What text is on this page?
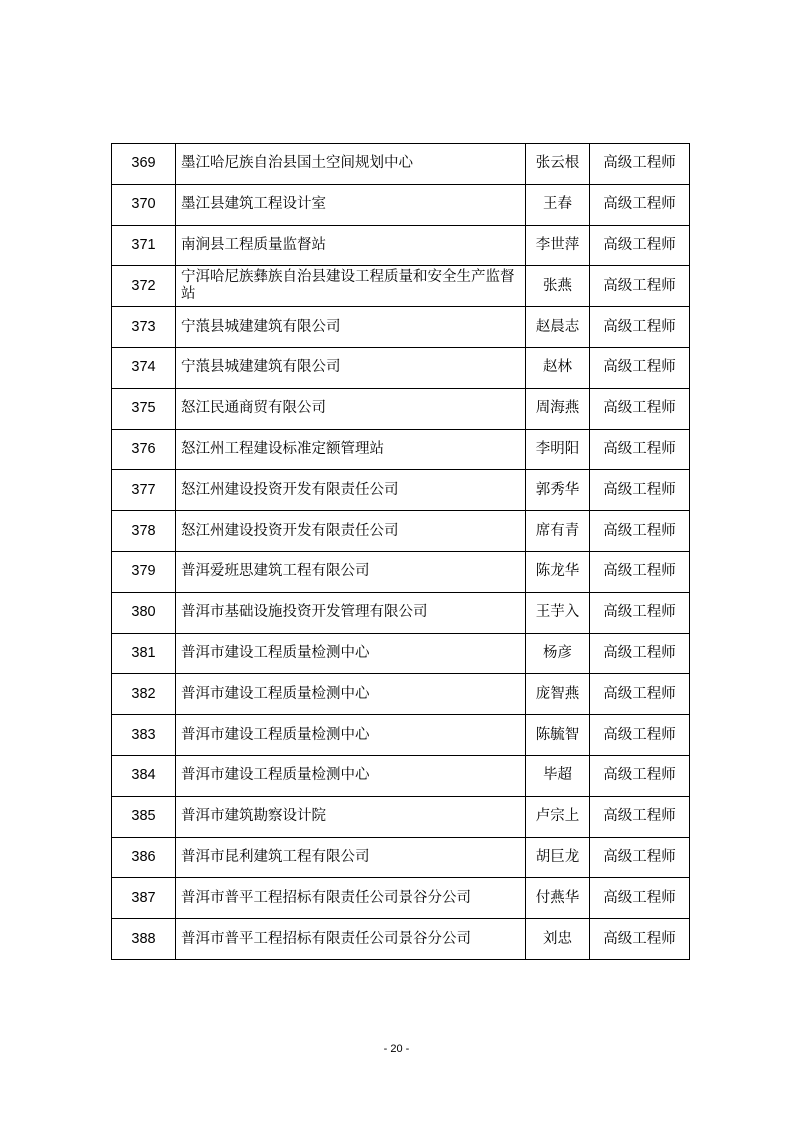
369	墨江哈尼族自治县国土空间规划中心	张云根	高级工程师
370	墨江县建筑工程设计室	王春	高级工程师
371	南涧县工程质量监督站	李世萍	高级工程师
372	宁洱哈尼族彝族自治县建设工程质量和安全生产监督站	张燕	高级工程师
373	宁蒗县城建建筑有限公司	赵晨志	高级工程师
374	宁蒗县城建建筑有限公司	赵林	高级工程师
375	怒江民通商贸有限公司	周海燕	高级工程师
376	怒江州工程建设标准定额管理站	李明阳	高级工程师
377	怒江州建设投资开发有限责任公司	郭秀华	高级工程师
378	怒江州建设投资开发有限责任公司	席有青	高级工程师
379	普洱爱班思建筑工程有限公司	陈龙华	高级工程师
380	普洱市基础设施投资开发管理有限公司	王芋入	高级工程师
381	普洱市建设工程质量检测中心	杨彦	高级工程师
382	普洱市建设工程质量检测中心	庞智燕	高级工程师
383	普洱市建设工程质量检测中心	陈毓智	高级工程师
384	普洱市建设工程质量检测中心	毕超	高级工程师
385	普洱市建筑勘察设计院	卢宗上	高级工程师
386	普洱市昆利建筑工程有限公司	胡巨龙	高级工程师
387	普洱市普平工程招标有限责任公司景谷分公司	付燕华	高级工程师
388	普洱市普平工程招标有限责任公司景谷分公司	刘忠	高级工程师
- 20 -
